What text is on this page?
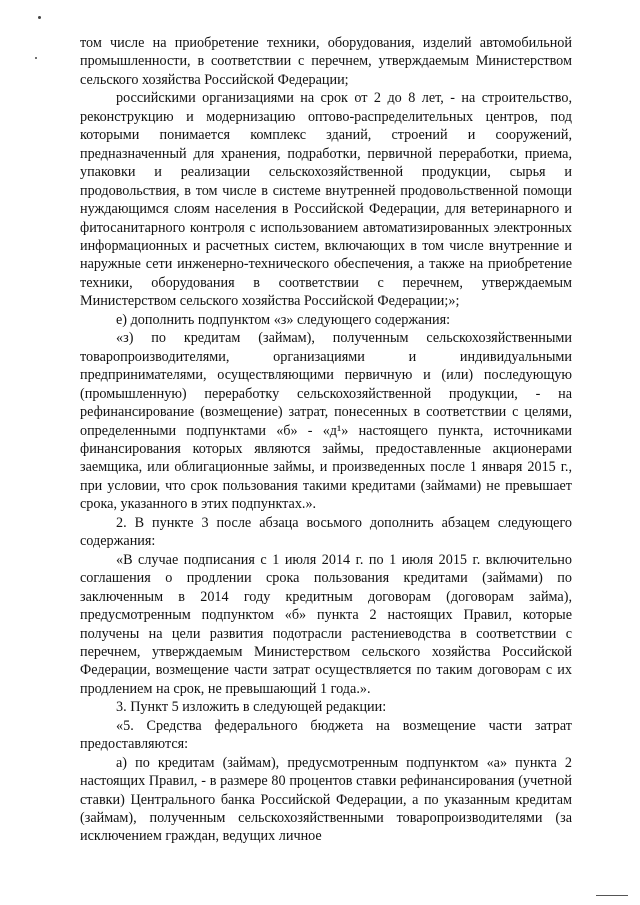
том числе на приобретение техники, оборудования, изделий автомобильной промышленности, в соответствии с перечнем, утверждаемым Министерством сельского хозяйства Российской Федерации;

российскими организациями на срок от 2 до 8 лет, - на строительство, реконструкцию и модернизацию оптово-распределительных центров, под которыми понимается комплекс зданий, строений и сооружений, предназначенный для хранения, подработки, первичной переработки, приема, упаковки и реализации сельскохозяйственной продукции, сырья и продовольствия, в том числе в системе внутренней продовольственной помощи нуждающимся слоям населения в Российской Федерации, для ветеринарного и фитосанитарного контроля с использованием автоматизированных электронных информационных и расчетных систем, включающих в том числе внутренние и наружные сети инженерно-технического обеспечения, а также на приобретение техники, оборудования в соответствии с перечнем, утверждаемым Министерством сельского хозяйства Российской Федерации;»;

е) дополнить подпунктом «з» следующего содержания:

«з) по кредитам (займам), полученным сельскохозяйственными товаропроизводителями, организациями и индивидуальными предпринимателями, осуществляющими первичную и (или) последующую (промышленную) переработку сельскохозяйственной продукции, - на рефинансирование (возмещение) затрат, понесенных в соответствии с целями, определенными подпунктами «б» - «д¹» настоящего пункта, источниками финансирования которых являются займы, предоставленные акционерами заемщика, или облигационные займы, и произведенных после 1 января 2015 г., при условии, что срок пользования такими кредитами (займами) не превышает срока, указанного в этих подпунктах.».

2. В пункте 3 после абзаца восьмого дополнить абзацем следующего содержания:

«В случае подписания с 1 июля 2014 г. по 1 июля 2015 г. включительно соглашения о продлении срока пользования кредитами (займами) по заключенным в 2014 году кредитным договорам (договорам займа), предусмотренным подпунктом «б» пункта 2 настоящих Правил, которые получены на цели развития подотрасли растениеводства в соответствии с перечнем, утверждаемым Министерством сельского хозяйства Российской Федерации, возмещение части затрат осуществляется по таким договорам с их продлением на срок, не превышающий 1 года.».

3. Пункт 5 изложить в следующей редакции:

«5. Средства федерального бюджета на возмещение части затрат предоставляются:

а) по кредитам (займам), предусмотренным подпунктом «а» пункта 2 настоящих Правил, - в размере 80 процентов ставки рефинансирования (учетной ставки) Центрального банка Российской Федерации, а по указанным кредитам (займам), полученным сельскохозяйственными товаропроизводителями (за исключением граждан, ведущих личное
